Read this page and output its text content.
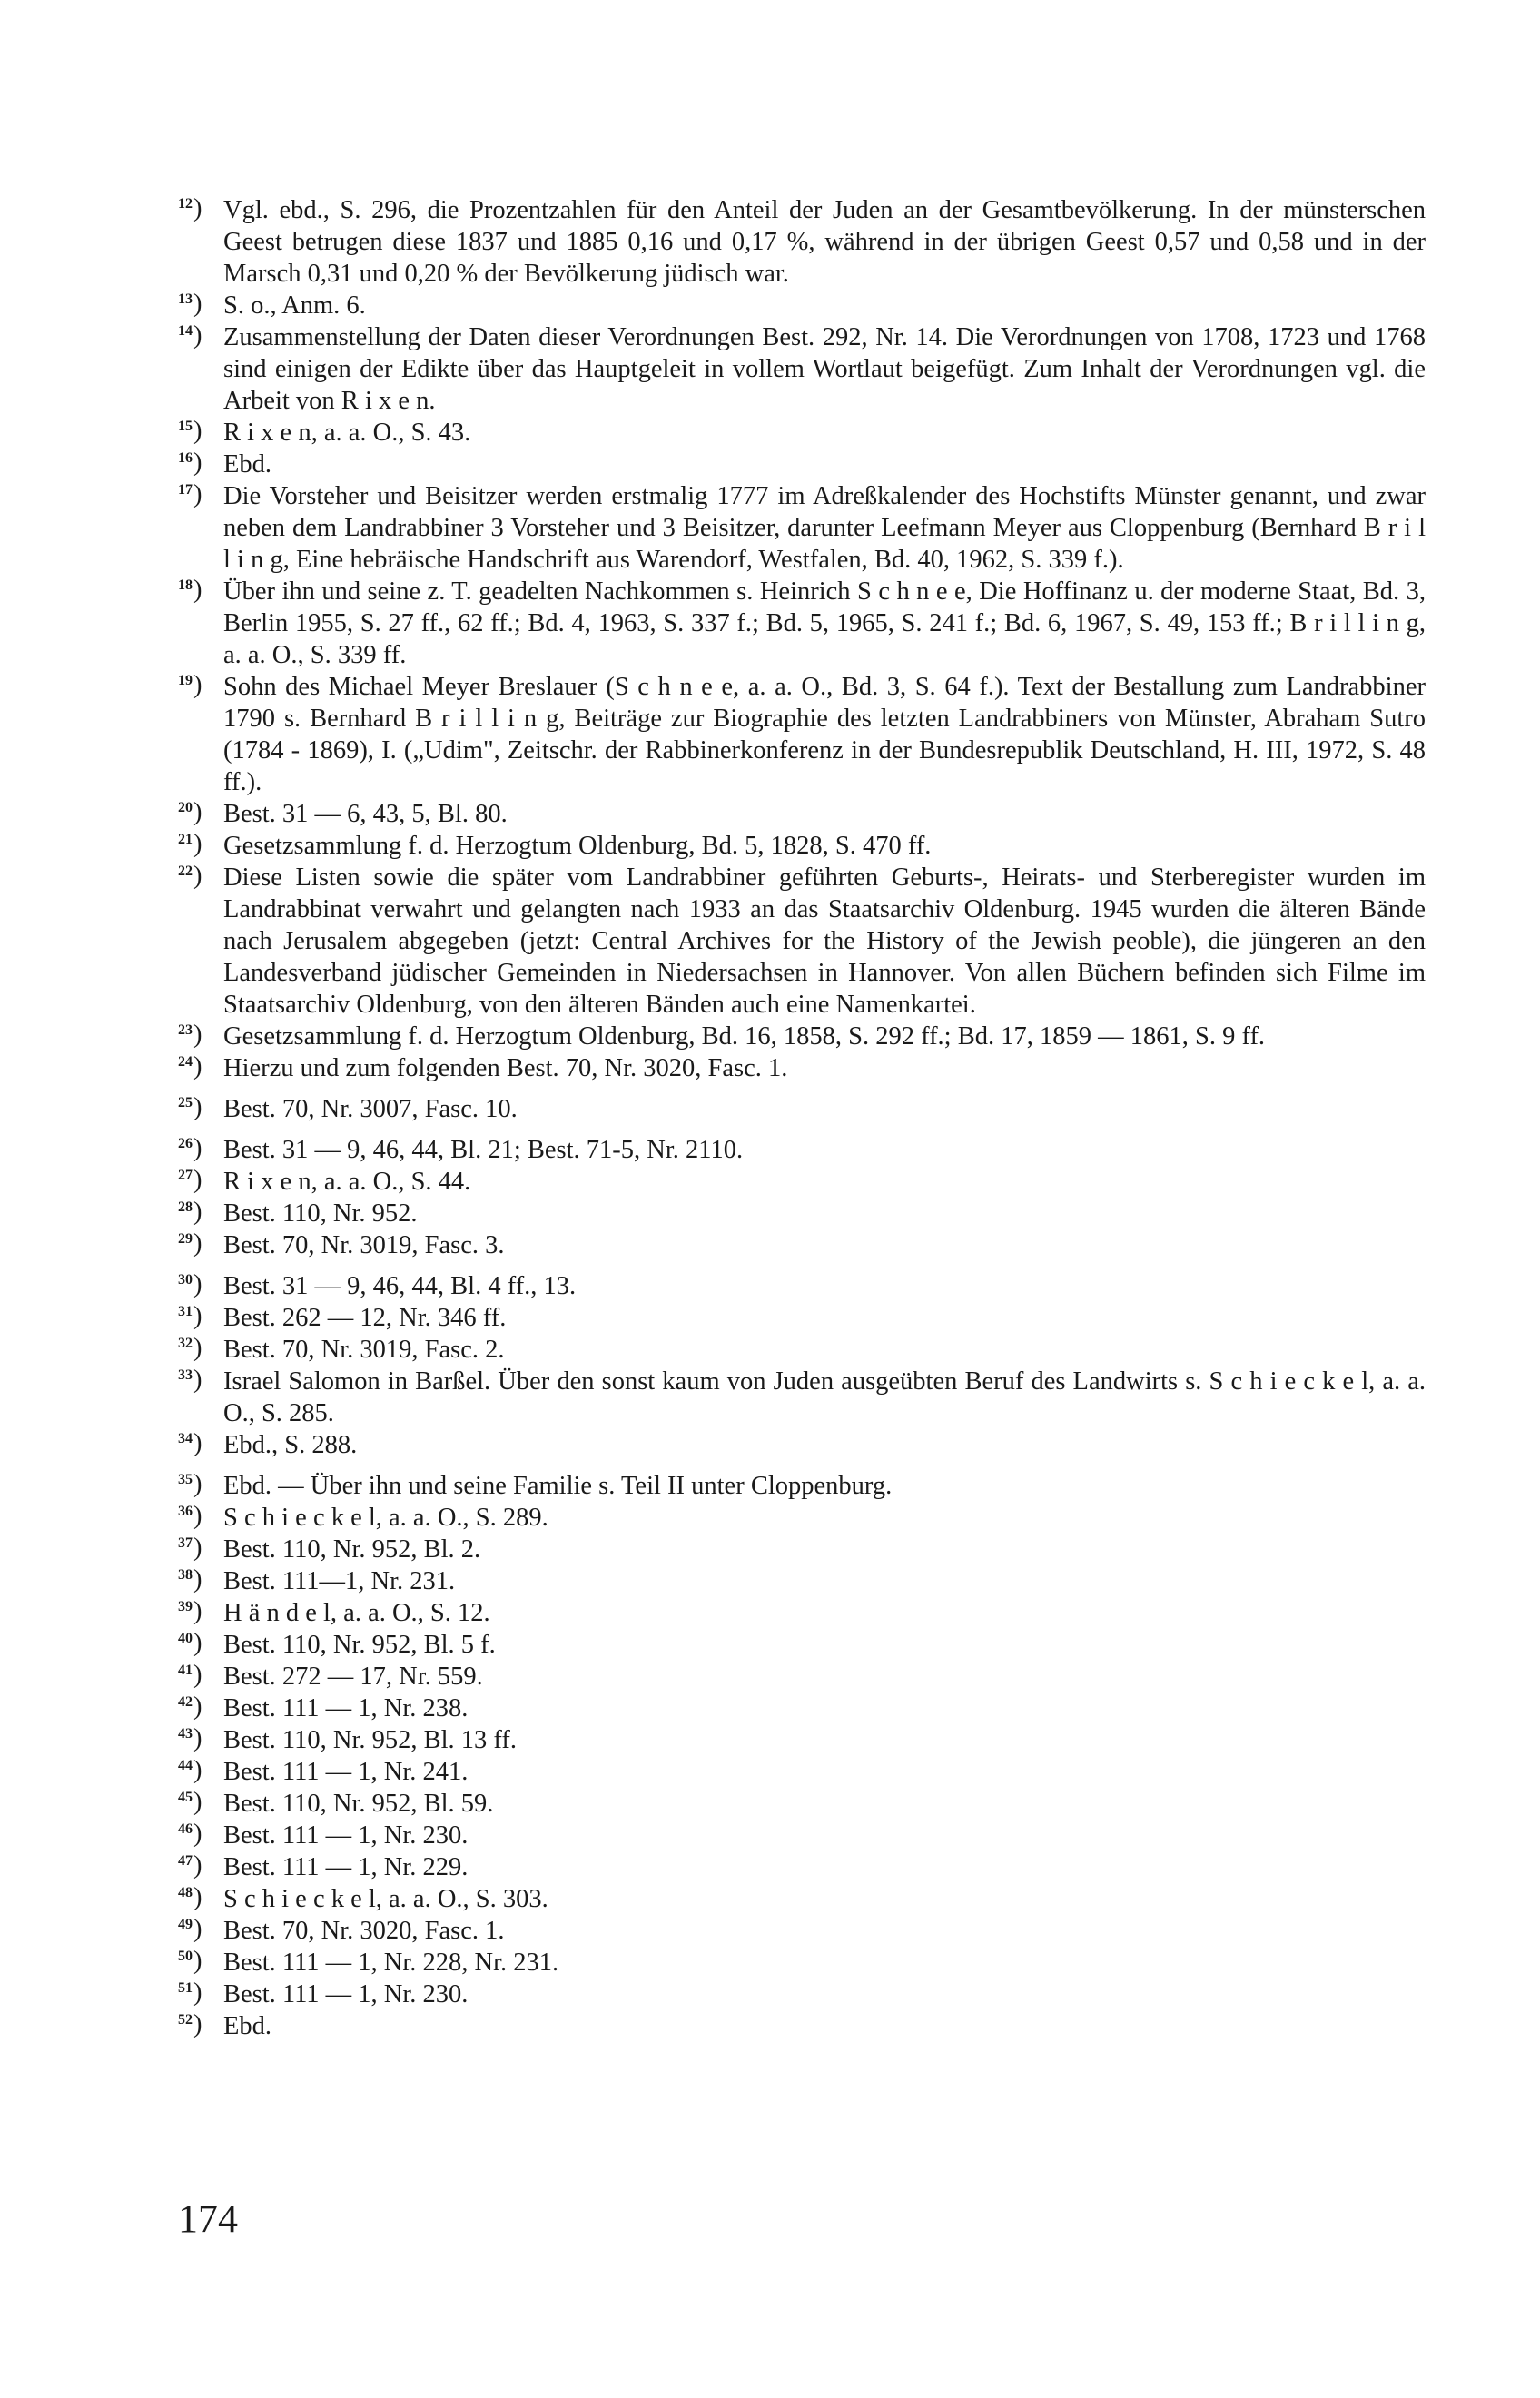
12 )	Vgl. ebd., S. 296, die Prozentzahlen für den Anteil der Juden an der Gesamtbevölkerung. In der münsterschen Geest betrugen diese 1837 und 1885 0,16 und 0,17 %, während in der übrigen Geest 0,57 und 0,58 und in der Marsch 0,31 und 0,20 % der Bevölkerung jüdisch war.
13 )	S. o., Anm. 6.
14 )	Zusammenstellung der Daten dieser Verordnungen Best. 292, Nr. 14. Die Verordnungen von 1708, 1723 und 1768 sind einigen der Edikte über das Hauptgeleit in vollem Wortlaut beigefügt. Zum Inhalt der Verordnungen vgl. die Arbeit von R i x e n.
15 )	R i x e n, a. a. O., S. 43.
16 )	Ebd.
17 )	Die Vorsteher und Beisitzer werden erstmalig 1777 im Adreßkalender des Hochstifts Münster genannt, und zwar neben dem Landrabbiner 3 Vorsteher und 3 Beisitzer, darunter Leefmann Meyer aus Cloppenburg (Bernhard B r i l l i n g, Eine hebräische Handschrift aus Warendorf, Westfalen, Bd. 40, 1962, S. 339 f.).
18 )	Über ihn und seine z. T. geadelten Nachkommen s. Heinrich S c h n e e, Die Hoffinanz u. der moderne Staat, Bd. 3, Berlin 1955, S. 27 ff., 62 ff.; Bd. 4, 1963, S. 337 f.; Bd. 5, 1965, S. 241 f.; Bd. 6, 1967, S. 49, 153 ff.; B r i l l i n g, a. a. O., S. 339 ff.
19 )	Sohn des Michael Meyer Breslauer (S c h n e e, a. a. O., Bd. 3, S. 64 f.). Text der Bestallung zum Landrabbiner 1790 s. Bernhard B r i l l i n g, Beiträge zur Biographie des letzten Landrabbiners von Münster, Abraham Sutro (1784 - 1869), I. („Udim", Zeitschr. der Rabbinerkonferenz in der Bundesrepublik Deutschland, H. III, 1972, S. 48 ff.).
20 )	Best. 31 — 6, 43, 5, Bl. 80.
21 )	Gesetzsammlung f. d. Herzogtum Oldenburg, Bd. 5, 1828, S. 470 ff.
22 )	Diese Listen sowie die später vom Landrabbiner geführten Geburts-, Heirats- und Sterberegister wurden im Landrabbinat verwahrt und gelangten nach 1933 an das Staatsarchiv Oldenburg. 1945 wurden die älteren Bände nach Jerusalem abgegeben (jetzt: Central Archives for the History of the Jewish peoble), die jüngeren an den Landesverband jüdischer Gemeinden in Niedersachsen in Hannover. Von allen Büchern befinden sich Filme im Staatsarchiv Oldenburg, von den älteren Bänden auch eine Namenkartei.
23 )	Gesetzsammlung f. d. Herzogtum Oldenburg, Bd. 16, 1858, S. 292 ff.; Bd. 17, 1859 — 1861, S. 9 ff.
24 )	Hierzu und zum folgenden Best. 70, Nr. 3020, Fasc. 1.
25 )	Best. 70, Nr. 3007, Fasc. 10.
26 )	Best. 31 — 9, 46, 44, Bl. 21; Best. 71-5, Nr. 2110.
27 )	R i x e n, a. a. O., S. 44.
28 )	Best. 110, Nr. 952.
29 )	Best. 70, Nr. 3019, Fasc. 3.
30 )	Best. 31 — 9, 46, 44, Bl. 4 ff., 13.
31 )	Best. 262 — 12, Nr. 346 ff.
32 )	Best. 70, Nr. 3019, Fasc. 2.
33 )	Israel Salomon in Barßel. Über den sonst kaum von Juden ausgeübten Beruf des Landwirts s. S c h i e c k e l, a. a. O., S. 285.
34 )	Ebd., S. 288.
35 )	Ebd. — Über ihn und seine Familie s. Teil II unter Cloppenburg.
36 )	S c h i e c k e l, a. a. O., S. 289.
37 )	Best. 110, Nr. 952, Bl. 2.
38 )	Best. 111—1, Nr. 231.
39 )	H ä n d e l, a. a. O., S. 12.
40 )	Best. 110, Nr. 952, Bl. 5 f.
41 )	Best. 272 — 17, Nr. 559.
42 )	Best. 111 — 1, Nr. 238.
43 )	Best. 110, Nr. 952, Bl. 13 ff.
44 )	Best. 111 — 1, Nr. 241.
45 )	Best. 110, Nr. 952, Bl. 59.
46 )	Best. 111 — 1, Nr. 230.
47 )	Best. 111 — 1, Nr. 229.
48 )	S c h i e c k e l, a. a. O., S. 303.
49 )	Best. 70, Nr. 3020, Fasc. 1.
50 )	Best. 111 — 1, Nr. 228, Nr. 231.
51 )	Best. 111 — 1, Nr. 230.
52 )	Ebd.
174
